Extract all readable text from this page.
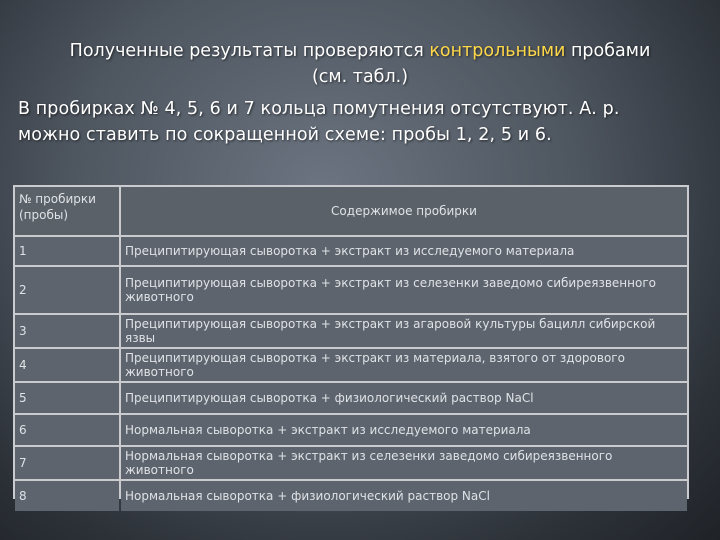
Полученные результаты проверяются контрольными пробами
(см. табл.)
В пробирках № 4, 5, 6 и 7 кольца помутнения отсутствуют. А. р.
можно ставить по сокращенной схеме: пробы 1, 2, 5 и 6.
№ пробирки
(пробы)	Содержимое пробирки
1	Преципитирующая сыворотка + экстракт из исследуемого материала
2	Преципитирующая сыворотка + экстракт из селезенки заведомо сибиреязвенного животного
3	Преципитирующая сыворотка + экстракт из агаровой культуры бацилл сибирской язвы
4	Преципитирующая сыворотка + экстракт из материала, взятого от здорового животного
5	Преципитирующая сыворотка + физиологический раствор NaCl
6	Нормальная сыворотка + экстракт из исследуемого материала
7	Нормальная сыворотка + экстракт из селезенки заведомо сибиреязвенного животного
8	Нормальная сыворотка + физиологический раствор NaCl
